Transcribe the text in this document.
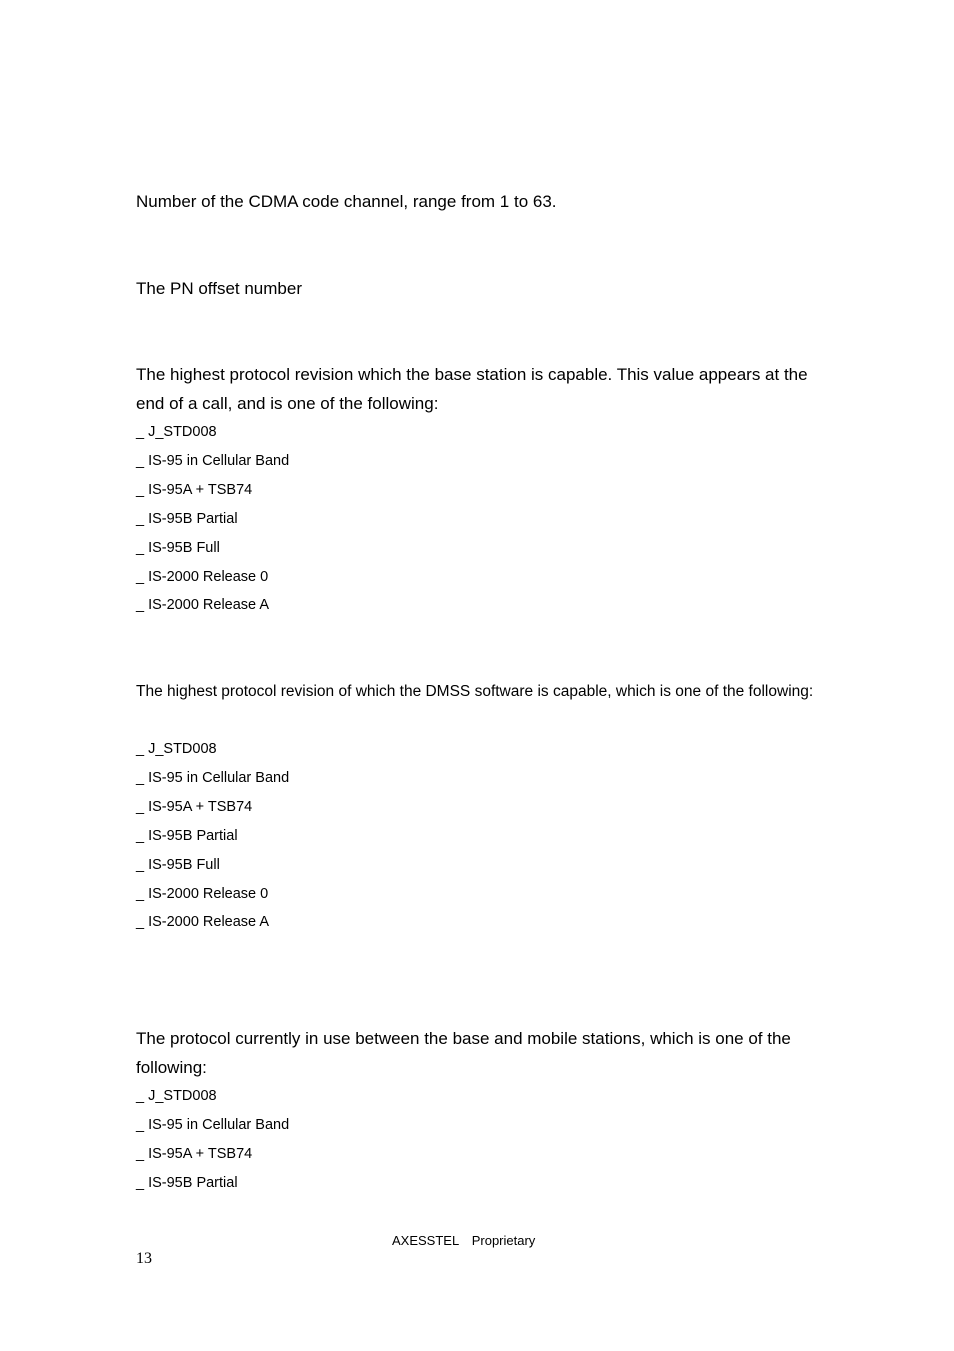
Number of the CDMA code channel, range from 1 to 63.

The PN offset number

The highest protocol revision which the base station is capable. This value appears at the end of a call, and is one of the following:

_ J_STD008
_ IS-95 in Cellular Band
_ IS-95A + TSB74
_ IS-95B Partial
_ IS-95B Full
_ IS-2000 Release 0
_ IS-2000 Release A

The highest protocol revision of which the DMSS software is capable, which is one of the following:

_ J_STD008
_ IS-95 in Cellular Band
_ IS-95A + TSB74
_ IS-95B Partial
_ IS-95B Full
_ IS-2000 Release 0
_ IS-2000 Release A

The protocol currently in use between the base and mobile stations, which is one of the following:

_ J_STD008
_ IS-95 in Cellular Band
_ IS-95A + TSB74
_ IS-95B Partial
AXESSTEL　Proprietary
13
